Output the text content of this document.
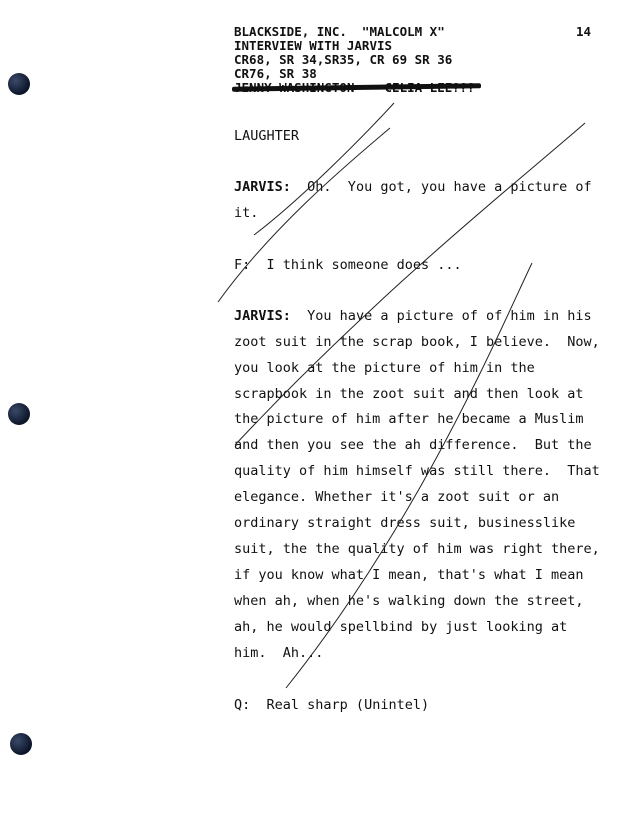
14
BLACKSIDE, INC.  "MALCOLM X"
INTERVIEW WITH JARVIS
CR68, SR 34,SR35, CR 69 SR 36
CR76, SR 38
LAUGHTER
JARVIS: Oh.  You got, you have a picture of
it.
F: I think someone does ...
JARVIS: You have a picture of of him in his
zoot suit in the scrap book, I believe.  Now,
you look at the picture of him in the
scrapbook in the zoot suit and then look at
the picture of him after he became a Muslim
and then you see the ah difference.  But the
quality of him himself was still there.  That
elegance. Whether it's a zoot suit or an
ordinary straight dress suit, businesslike
suit, the the quality of him was right there,
if you know what I mean, that's what I mean
when ah, when he's walking down the street,
ah, he would spellbind by just looking at
him.  Ah...
Q: Real sharp (Unintel)
